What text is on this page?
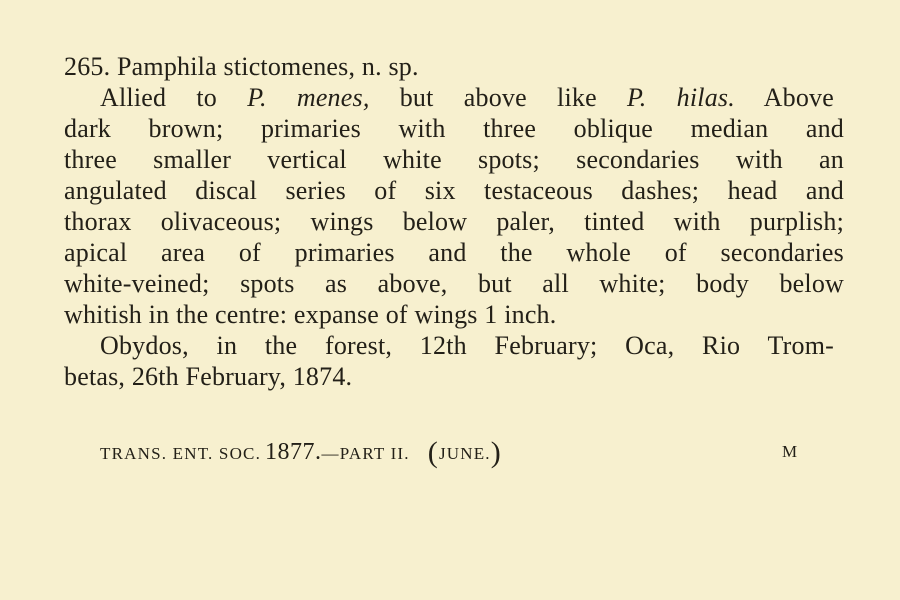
265. Pamphila stictomenes, n. sp.

Allied to P. menes, but above like P. hilas. Above

dark brown; primaries with three oblique median and

three smaller vertical white spots; secondaries with an

angulated discal series of six testaceous dashes; head and

thorax olivaceous; wings below paler, tinted with purplish;

apical area of primaries and the whole of secondaries

white-veined; spots as above, but all white; body below

whitish in the centre: expanse of wings 1 inch.

Obydos, in the forest, 12th February; Oca, Rio Trom-

betas, 26th February, 1874.

TRANS. ENT. SOC. 1877.—PART II. (JUNE.)	M
